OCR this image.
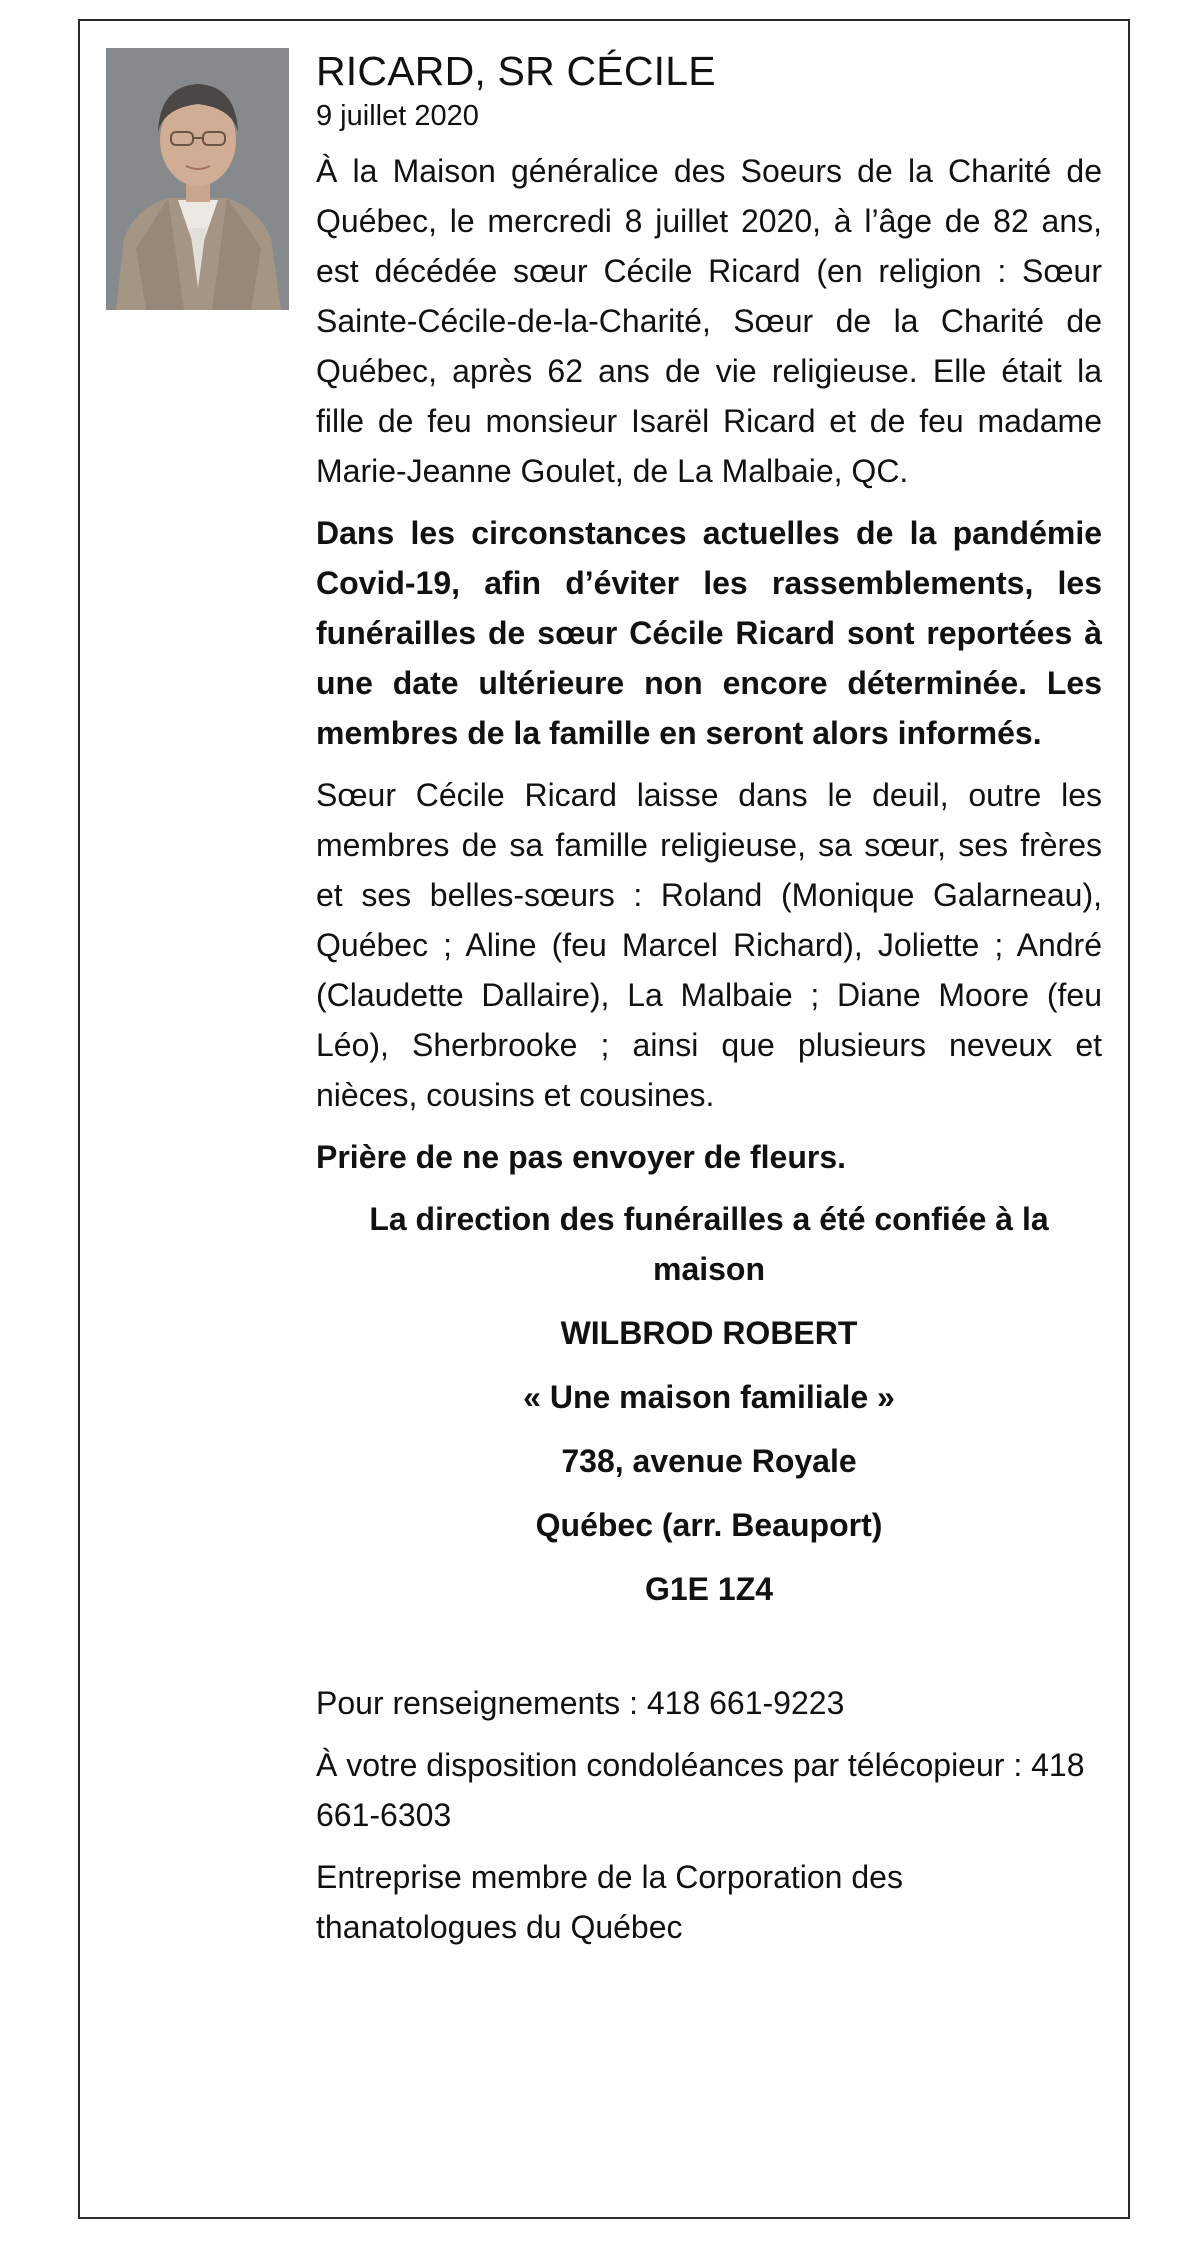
RICARD, SR CÉCILE
9 juillet 2020
À la Maison généralice des Soeurs de la Charité de Québec, le mercredi 8 juillet 2020, à l’âge de 82 ans, est décédée sœur Cécile Ricard (en religion : Sœur Sainte-Cécile-de-la-Charité, Sœur de la Charité de Québec, après 62 ans de vie religieuse. Elle était la fille de feu monsieur Isarël Ricard et de feu madame Marie-Jeanne Goulet, de La Malbaie, QC.
Dans les circonstances actuelles de la pandémie Covid-19, afin d’éviter les rassemblements, les funérailles de sœur Cécile Ricard sont reportées à une date ultérieure non encore déterminée. Les membres de la famille en seront alors informés.
Sœur Cécile Ricard laisse dans le deuil, outre les membres de sa famille religieuse, sa sœur, ses frères et ses belles-sœurs : Roland (Monique Galarneau), Québec ; Aline (feu Marcel Richard), Joliette ; André (Claudette Dallaire), La Malbaie ; Diane Moore (feu Léo), Sherbrooke ; ainsi que plusieurs neveux et nièces, cousins et cousines.
Prière de ne pas envoyer de fleurs.
La direction des funérailles a été confiée à la maison
WILBROD ROBERT
« Une maison familiale »
738, avenue Royale
Québec (arr. Beauport)
G1E 1Z4
Pour renseignements : 418 661-9223
À votre disposition condoléances par télécopieur : 418 661-6303
Entreprise membre de la Corporation des thanatologues du Québec
